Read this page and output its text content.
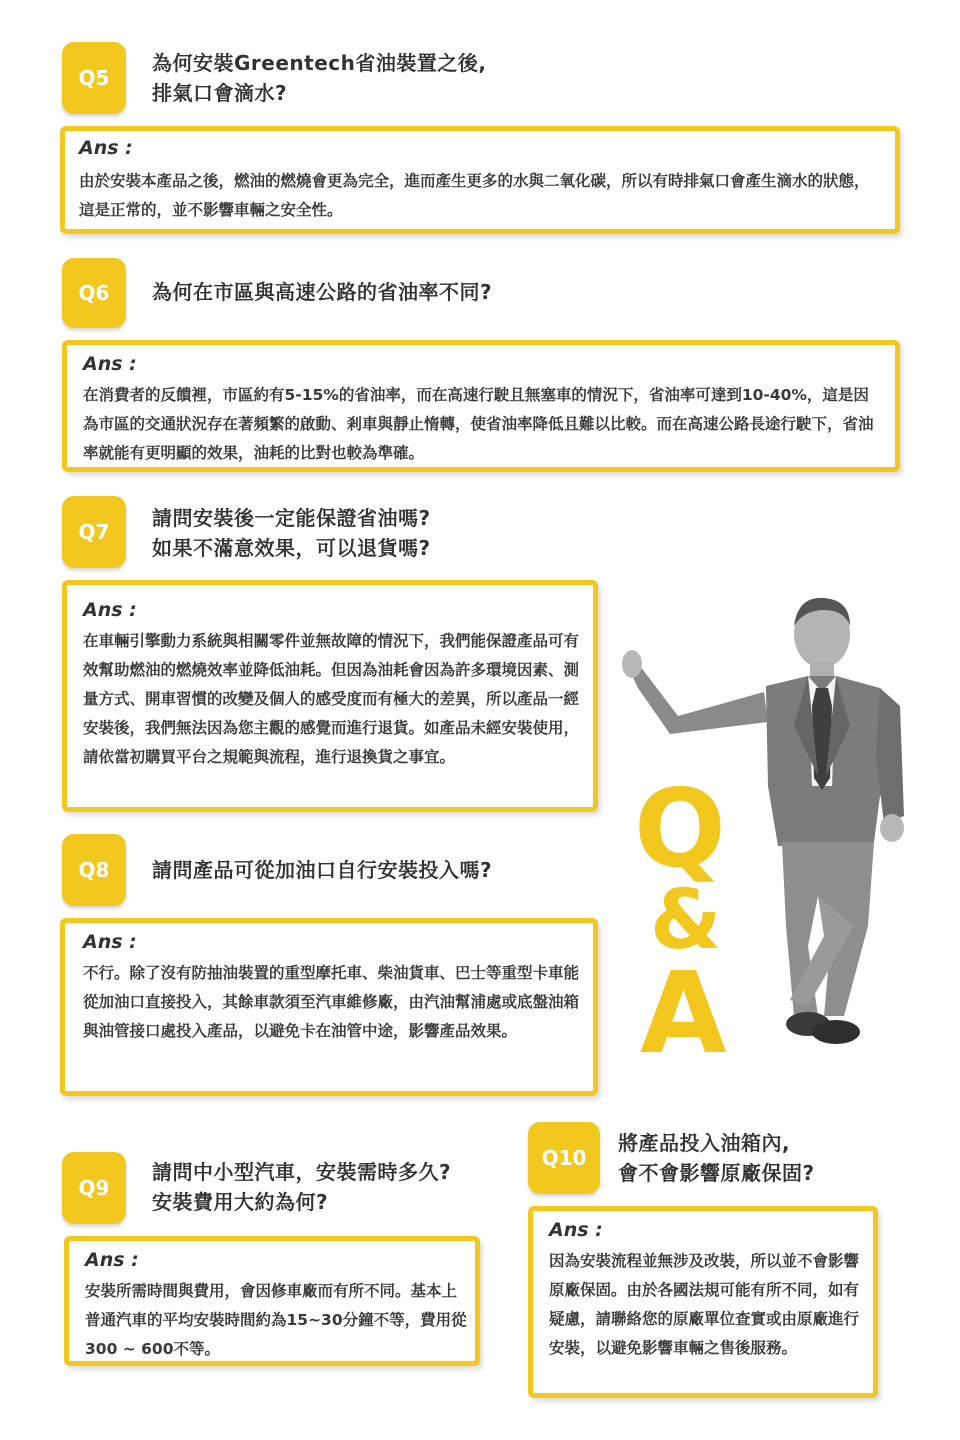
Q5
為何安裝Greentech省油裝置之後,
排氣口會滴水?
Ans :
由於安裝本產品之後，燃油的燃燒會更為完全，進而產生更多的水與二氧化碳，所以有時排氣口會產生滴水的狀態，這是正常的，並不影響車輛之安全性。
Q6 為何在市區與高速公路的省油率不同?
Ans :
在消費者的反饋裡，市區約有5-15%的省油率，而在高速行駛且無塞車的情況下，省油率可達到10-40%，這是因為市區的交通狀況存在著頻繁的啟動、剎車與靜止惰轉，使省油率降低且難以比較。而在高速公路長途行駛下，省油率就能有更明顯的效果，油耗的比對也較為準確。
Q7
請問安裝後一定能保證省油嗎?
如果不滿意效果，可以退貨嗎?
Ans :
在車輛引擎動力系統與相關零件並無故障的情況下，我們能保證產品可有效幫助燃油的燃燒效率並降低油耗。但因為油耗會因為許多環境因素、測量方式、開車習慣的改變及個人的感受度而有極大的差異，所以產品一經安裝後，我們無法因為您主觀的感覺而進行退貨。如產品未經安裝使用，請依當初購買平台之規範與流程，進行退換貨之事宜。
Q8 請問產品可從加油口自行安裝投入嗎?
Ans :
不行。除了沒有防抽油裝置的重型摩托車、柴油貨車、巴士等重型卡車能從加油口直接投入，其餘車款須至汽車維修廠，由汽油幫浦處或底盤油箱與油管接口處投入產品，以避免卡在油管中途，影響產品效果。
Q9
請問中小型汽車，安裝需時多久?
安裝費用大約為何?
Ans :
安裝所需時間與費用，會因修車廠而有所不同。基本上普通汽車的平均安裝時間約為15~30分鐘不等，費用從300 ~ 600不等。
Q10
將產品投入油箱內,
會不會影響原廠保固?
Ans :
因為安裝流程並無涉及改裝，所以並不會影響原廠保固。由於各國法規可能有所不同，如有疑慮，請聯絡您的原廠單位查實或由原廠進行安裝，以避免影響車輛之售後服務。
Q
&
A
